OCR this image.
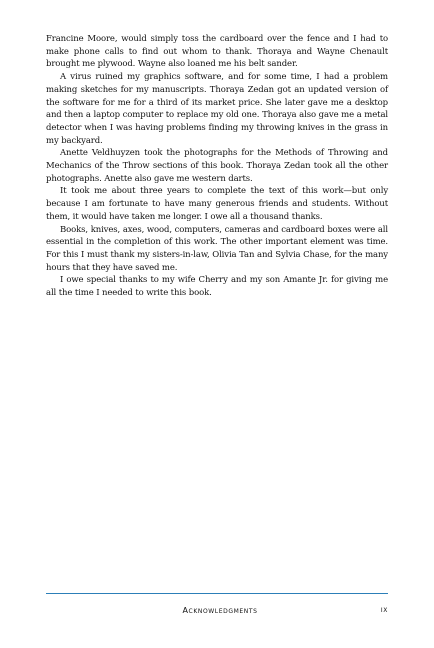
Francine Moore, would simply toss the cardboard over the fence and I had to make phone calls to find out whom to thank. Thoraya and Wayne Chenault brought me plywood. Wayne also loaned me his belt sander.

A virus ruined my graphics software, and for some time, I had a problem making sketches for my manuscripts. Thoraya Zedan got an updated version of the software for me for a third of its market price. She later gave me a desktop and then a laptop computer to replace my old one. Thoraya also gave me a metal detector when I was having problems finding my throwing knives in the grass in my backyard.

Anette Veldhuyzen took the photographs for the Methods of Throwing and Mechanics of the Throw sections of this book. Thoraya Zedan took all the other photographs. Anette also gave me western darts.

It took me about three years to complete the text of this work—but only because I am fortunate to have many generous friends and students. Without them, it would have taken me longer. I owe all a thousand thanks.

Books, knives, axes, wood, computers, cameras and cardboard boxes were all essential in the completion of this work. The other important element was time. For this I must thank my sisters-in-law, Olivia Tan and Sylvia Chase, for the many hours that they have saved me.

I owe special thanks to my wife Cherry and my son Amante Jr. for giving me all the time I needed to write this book.

Acknowledgments	ix
